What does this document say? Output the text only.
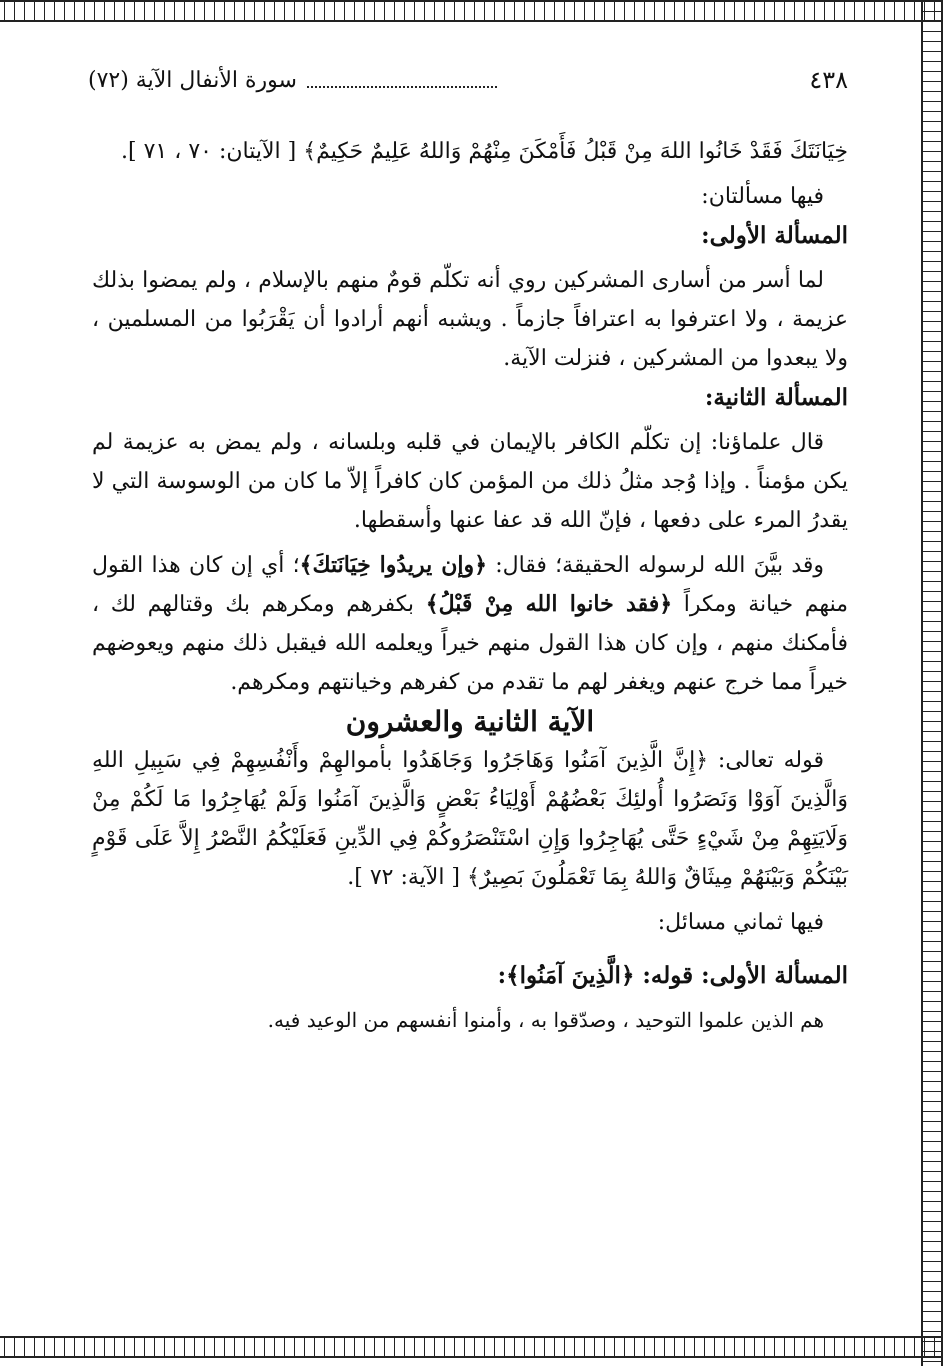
٤٣٨
سورة الأنفال الآية (٧٢)

خِيَانَتَكَ فَقَدْ خَانُوا اللهَ مِنْ قَبْلُ فَأَمْكَنَ مِنْهُمْ وَاللهُ عَلِيمٌ حَكِيمٌ﴾ [ الآيتان: ٧٠ ، ٧١ ].

فيها مسألتان:

المسألة الأولى:

لما أسر من أسارى المشركين روي أنه تكلّم قومٌ منهم بالإسلام ، ولم يمضوا بذلك عزيمة ، ولا اعترفوا به اعترافاً جازماً . ويشبه أنهم أرادوا أن يَقْرَبُوا من المسلمين ، ولا يبعدوا من المشركين ، فنزلت الآية.

المسألة الثانية:

قال علماؤنا: إن تكلّم الكافر بالإيمان في قلبه وبلسانه ، ولم يمض به عزيمة لم يكن مؤمناً . وإذا وُجد مثلُ ذلك من المؤمن كان كافراً إلاّ ما كان من الوسوسة التي لا يقدرُ المرء على دفعها ، فإنّ الله قد عفا عنها وأسقطها.

وقد بيَّنَ الله لرسوله الحقيقة؛ فقال: ﴿وإن يريدُوا خِيَانَتكَ﴾؛ أي إن كان هذا القول منهم خيانة ومكراً ﴿فقد خانوا الله مِنْ قَبْلُ﴾ بكفرهم ومكرهم بك وقتالهم لك ، فأمكنك منهم ، وإن كان هذا القول منهم خيراً ويعلمه الله فيقبل ذلك منهم ويعوضهم خيراً مما خرج عنهم ويغفر لهم ما تقدم من كفرهم وخيانتهم ومكرهم.

الآية الثانية والعشرون

قوله تعالى: ﴿إِنَّ الَّذِينَ آمَنُوا وَهَاجَرُوا وَجَاهَدُوا بأموالهِمْ وأَنْفُسِهِمْ فِي سَبِيلِ اللهِ وَالَّذِينَ آوَوْا وَنَصَرُوا أُولئِكَ بَعْضُهُمْ أَوْلِيَاءُ بَعْضٍ وَالَّذِينَ آمَنُوا وَلَمْ يُهَاجِرُوا مَا لَكُمْ مِنْ وَلَايَتِهِمْ مِنْ شَيْءٍ حَتَّى يُهَاجِرُوا وَإِنِ اسْتَنْصَرُوكُمْ فِي الدِّينِ فَعَلَيْكُمُ النَّصْرُ إِلاَّ عَلَى قَوْمٍ بَيْنَكُمْ وَبَيْنَهُمْ مِيثَاقٌ وَاللهُ بِمَا تَعْمَلُونَ بَصِيرٌ﴾ [ الآية: ٧٢ ].

فيها ثماني مسائل:

المسألة الأولى: قوله: ﴿الَّذِينَ آمَنُوا﴾:

هم الذين علموا التوحيد ، وصدّقوا به ، وأمنوا أنفسهم من الوعيد فيه.
